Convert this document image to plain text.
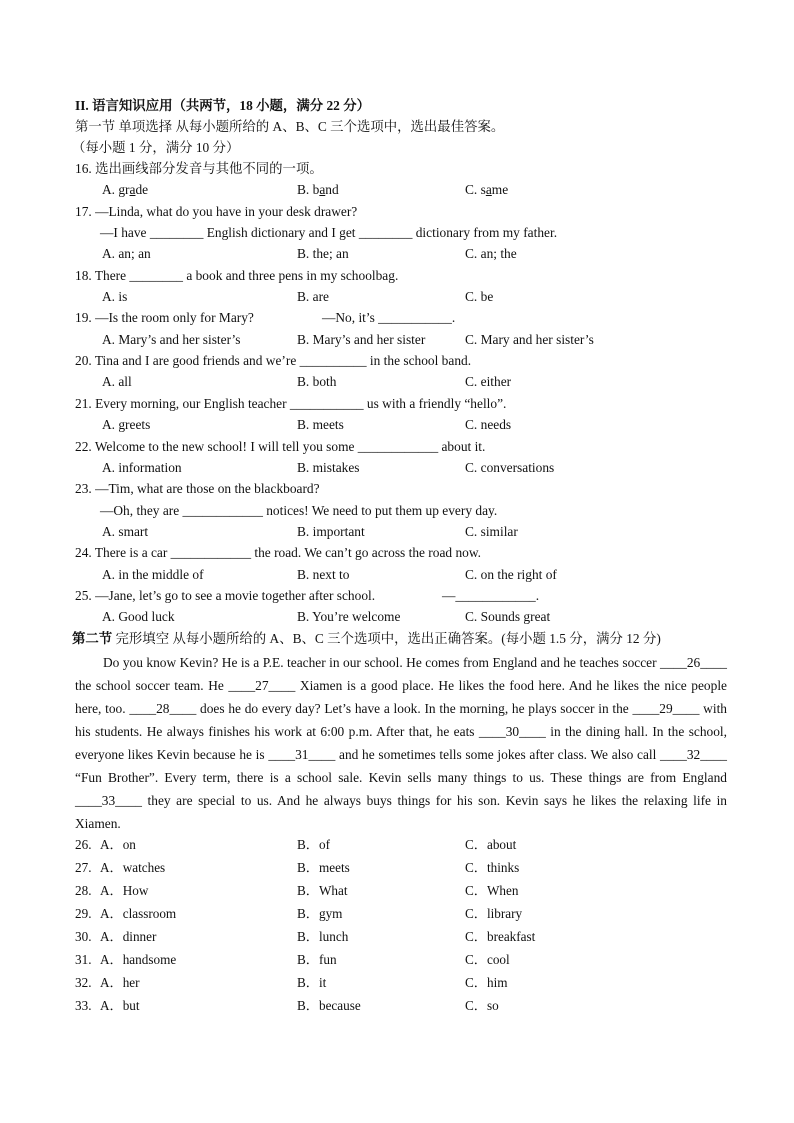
II. 语言知识应用（共两节，18 小题，满分 22 分）
第一节 单项选择 从每小题所给的 A、B、C 三个选项中，选出最佳答案。
（每小题 1 分，满分 10 分）
16. 选出画线部分发音与其他不同的一项。
A. grade	B. band	C. same
17. —Linda, what do you have in your desk drawer?
—I have ________ English dictionary and I get ________ dictionary from my father.
A. an; an	B. the; an	C. an; the
18. There ________ a book and three pens in my schoolbag.
A. is	B. are	C. be
19. —Is the room only for Mary?	—No, it’s ___________.
A. Mary’s and her sister’s	B. Mary’s and her sister	C. Mary and her sister’s
20. Tina and I are good friends and we’re __________ in the school band.
A. all	B. both	C. either
21. Every morning, our English teacher ___________ us with a friendly “hello”.
A. greets	B. meets	C. needs
22. Welcome to the new school! I will tell you some ____________ about it.
A. information	B. mistakes	C. conversations
23. —Tim, what are those on the blackboard?
—Oh, they are ____________ notices! We need to put them up every day.
A. smart	B. important	C. similar
24. There is a car ____________ the road. We can’t go across the road now.
A. in the middle of	B. next to	C. on the right of
25. —Jane, let’s go to see a movie together after school.	—____________.
A. Good luck	B. You’re welcome	C. Sounds great
第二节 完形填空 从每小题所给的 A、B、C 三个选项中，选出正确答案。(每小题 1.5 分，满分 12 分)
Do you know Kevin? He is a P.E. teacher in our school. He comes from England and he teaches soccer ____26____ the school soccer team. He ____27____ Xiamen is a good place. He likes the food here. And he likes the nice people here, too. ____28____ does he do every day? Let’s have a look. In the morning, he plays soccer in the ____29____ with his students. He always finishes his work at 6:00 p.m. After that, he eats ____30____ in the dining hall. In the school, everyone likes Kevin because he is ____31____ and he sometimes tells some jokes after class. We also call ____32____ “Fun Brother”. Every term, there is a school sale. Kevin sells many things to us. These things are from England ____33____ they are special to us. And he always buys things for his son. Kevin says he likes the relaxing life in Xiamen.
26. A．on	B．of	C．about
27. A．watches	B．meets	C．thinks
28. A．How	B．What	C．When
29. A．classroom	B．gym	C．library
30. A．dinner	B．lunch	C．breakfast
31. A．handsome	B．fun	C．cool
32. A．her	B．it	C．him
33. A．but	B．because	C．so
